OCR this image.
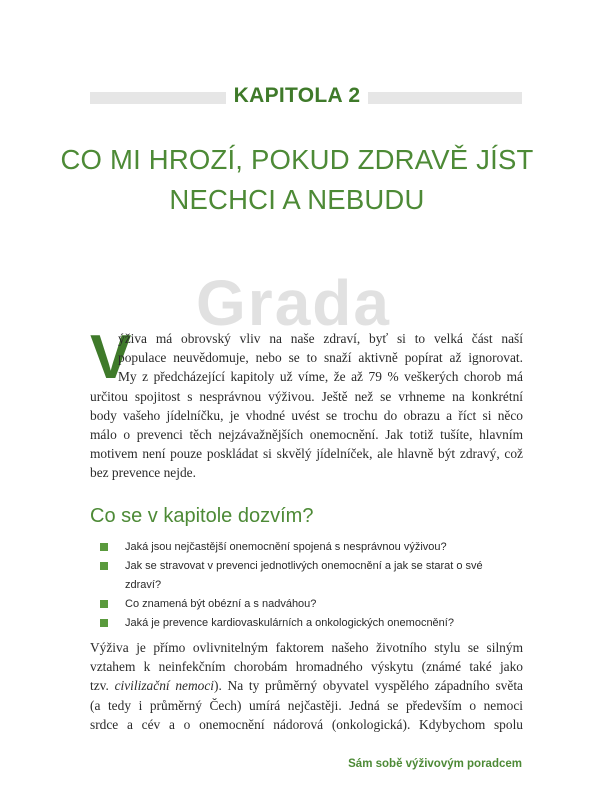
KAPITOLA 2
CO MI HROZÍ, POKUD ZDRAVĚ JÍST
NECHCI A NEBUDU
Grada
V
ýživa má obrovský vliv na naše zdraví, byť si to velká část naší
populace neuvědomuje, nebo se to snaží aktivně popírat až ignorovat.
My z předcházející kapitoly už víme, že až 79 % veškerých chorob má
určitou spojitost s nesprávnou výživou. Ještě než se vrhneme na konkrétní
body vašeho jídelníčku, je vhodné uvést se trochu do obrazu a říct si něco
málo o prevenci těch nejzávažnějších onemocnění. Jak totiž tušíte, hlavním
motivem není pouze poskládat si skvělý jídelníček, ale hlavně být zdravý, což
bez prevence nejde.
Co se v kapitole dozvím?
Jaká jsou nejčastější onemocnění spojená s nesprávnou výživou?
Jak se stravovat v prevenci jednotlivých onemocnění a jak se starat o své
zdraví?
Co znamená být obézní a s nadváhou?
Jaká je prevence kardiovaskulárních a onkologických onemocnění?
Výživa je přímo ovlivnitelným faktorem našeho životního stylu se silným
vztahem k neinfekčním chorobám hromadného výskytu (známé také jako
tzv. civilizační nemoci). Na ty průměrný obyvatel vyspělého západního světa
(a tedy i průměrný Čech) umírá nejčastěji. Jedná se především o nemoci
srdce a cév a o onemocnění nádorová (onkologická). Kdybychom spolu
Sám sobě výživovým poradcem
